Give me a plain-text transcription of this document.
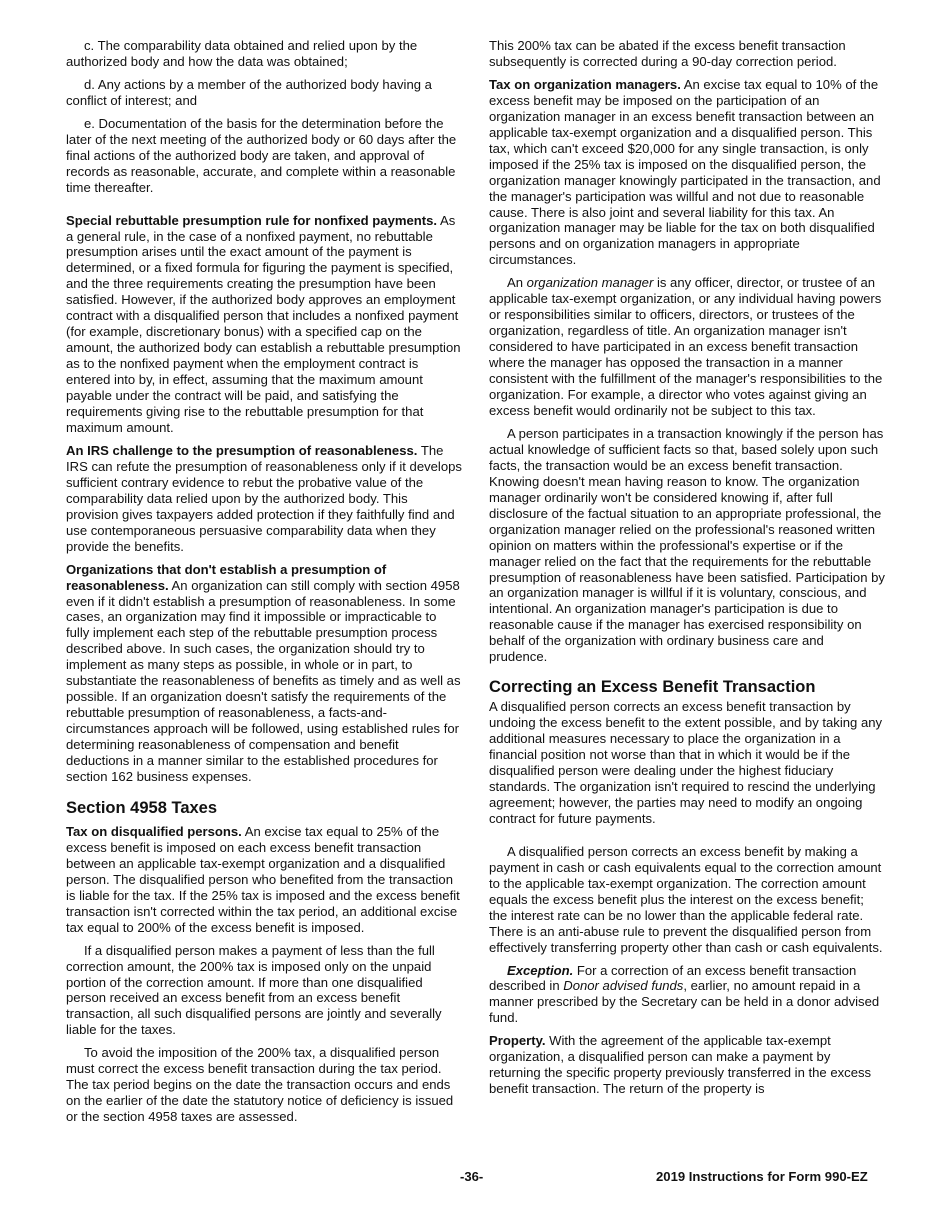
c. The comparability data obtained and relied upon by the authorized body and how the data was obtained;

d. Any actions by a member of the authorized body having a conflict of interest; and

e. Documentation of the basis for the determination before the later of the next meeting of the authorized body or 60 days after the final actions of the authorized body are taken, and approval of records as reasonable, accurate, and complete within a reasonable time thereafter.

Special rebuttable presumption rule for nonfixed payments. As a general rule, in the case of a nonfixed payment, no rebuttable presumption arises until the exact amount of the payment is determined, or a fixed formula for figuring the payment is specified, and the three requirements creating the presumption have been satisfied. However, if the authorized body approves an employment contract with a disqualified person that includes a nonfixed payment (for example, discretionary bonus) with a specified cap on the amount, the authorized body can establish a rebuttable presumption as to the nonfixed payment when the employment contract is entered into by, in effect, assuming that the maximum amount payable under the contract will be paid, and satisfying the requirements giving rise to the rebuttable presumption for that maximum amount.

An IRS challenge to the presumption of reasonableness. The IRS can refute the presumption of reasonableness only if it develops sufficient contrary evidence to rebut the probative value of the comparability data relied upon by the authorized body. This provision gives taxpayers added protection if they faithfully find and use contemporaneous persuasive comparability data when they provide the benefits.

Organizations that don't establish a presumption of reasonableness. An organization can still comply with section 4958 even if it didn't establish a presumption of reasonableness. In some cases, an organization may find it impossible or impracticable to fully implement each step of the rebuttable presumption process described above. In such cases, the organization should try to implement as many steps as possible, in whole or in part, to substantiate the reasonableness of benefits as timely and as well as possible. If an organization doesn't satisfy the requirements of the rebuttable presumption of reasonableness, a facts-and-circumstances approach will be followed, using established rules for determining reasonableness of compensation and benefit deductions in a manner similar to the established procedures for section 162 business expenses.

Section 4958 Taxes

Tax on disqualified persons. An excise tax equal to 25% of the excess benefit is imposed on each excess benefit transaction between an applicable tax-exempt organization and a disqualified person. The disqualified person who benefited from the transaction is liable for the tax. If the 25% tax is imposed and the excess benefit transaction isn't corrected within the tax period, an additional excise tax equal to 200% of the excess benefit is imposed.

If a disqualified person makes a payment of less than the full correction amount, the 200% tax is imposed only on the unpaid portion of the correction amount. If more than one disqualified person received an excess benefit from an excess benefit transaction, all such disqualified persons are jointly and severally liable for the taxes.

To avoid the imposition of the 200% tax, a disqualified person must correct the excess benefit transaction during the tax period. The tax period begins on the date the transaction occurs and ends on the earlier of the date the statutory notice of deficiency is issued or the section 4958 taxes are assessed.

This 200% tax can be abated if the excess benefit transaction subsequently is corrected during a 90-day correction period.

Tax on organization managers. An excise tax equal to 10% of the excess benefit may be imposed on the participation of an organization manager in an excess benefit transaction between an applicable tax-exempt organization and a disqualified person. This tax, which can't exceed $20,000 for any single transaction, is only imposed if the 25% tax is imposed on the disqualified person, the organization manager knowingly participated in the transaction, and the manager's participation was willful and not due to reasonable cause. There is also joint and several liability for this tax. An organization manager may be liable for the tax on both disqualified persons and on organization managers in appropriate circumstances.

An organization manager is any officer, director, or trustee of an applicable tax-exempt organization, or any individual having powers or responsibilities similar to officers, directors, or trustees of the organization, regardless of title. An organization manager isn't considered to have participated in an excess benefit transaction where the manager has opposed the transaction in a manner consistent with the fulfillment of the manager's responsibilities to the organization. For example, a director who votes against giving an excess benefit would ordinarily not be subject to this tax.

A person participates in a transaction knowingly if the person has actual knowledge of sufficient facts so that, based solely upon such facts, the transaction would be an excess benefit transaction. Knowing doesn't mean having reason to know. The organization manager ordinarily won't be considered knowing if, after full disclosure of the factual situation to an appropriate professional, the organization manager relied on the professional's reasoned written opinion on matters within the professional's expertise or if the manager relied on the fact that the requirements for the rebuttable presumption of reasonableness have been satisfied. Participation by an organization manager is willful if it is voluntary, conscious, and intentional. An organization manager's participation is due to reasonable cause if the manager has exercised responsibility on behalf of the organization with ordinary business care and prudence.

Correcting an Excess Benefit Transaction

A disqualified person corrects an excess benefit transaction by undoing the excess benefit to the extent possible, and by taking any additional measures necessary to place the organization in a financial position not worse than that in which it would be if the disqualified person were dealing under the highest fiduciary standards. The organization isn't required to rescind the underlying agreement; however, the parties may need to modify an ongoing contract for future payments.

A disqualified person corrects an excess benefit by making a payment in cash or cash equivalents equal to the correction amount to the applicable tax-exempt organization. The correction amount equals the excess benefit plus the interest on the excess benefit; the interest rate can be no lower than the applicable federal rate. There is an anti-abuse rule to prevent the disqualified person from effectively transferring property other than cash or cash equivalents.

Exception. For a correction of an excess benefit transaction described in Donor advised funds, earlier, no amount repaid in a manner prescribed by the Secretary can be held in a donor advised fund.

Property. With the agreement of the applicable tax-exempt organization, a disqualified person can make a payment by returning the specific property previously transferred in the excess benefit transaction. The return of the property is

-36-	2019 Instructions for Form 990-EZ
